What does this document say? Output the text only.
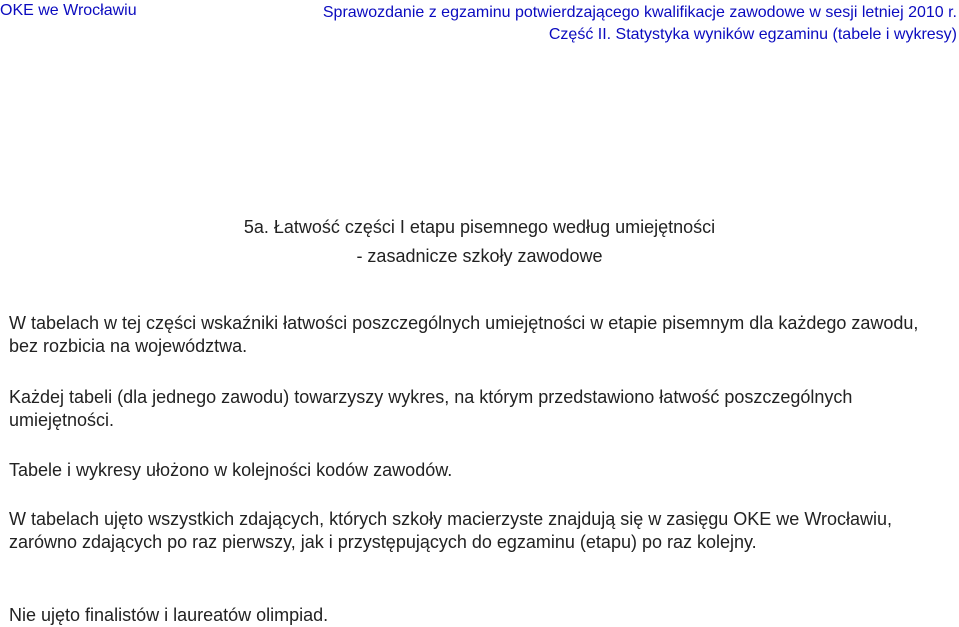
OKE we Wrocławiu	Sprawozdanie z egzaminu potwierdzającego kwalifikacje zawodowe w sesji letniej 2010 r.
Część II. Statystyka wyników egzaminu (tabele i wykresy)
5a. Łatwość części I etapu pisemnego według umiejętności
- zasadnicze szkoły zawodowe

W tabelach w tej części wskaźniki łatwości poszczególnych umiejętności w etapie pisemnym dla każdego zawodu, bez rozbicia na województwa.

Każdej tabeli (dla jednego zawodu) towarzyszy wykres, na którym przedstawiono łatwość poszczególnych umiejętności.

Tabele i wykresy ułożono w kolejności kodów zawodów.

W tabelach ujęto wszystkich zdających, których szkoły macierzyste znajdują się w zasięgu OKE we Wrocławiu, zarówno zdających po raz pierwszy, jak i przystępujących do egzaminu (etapu) po raz kolejny.

Nie ujęto finalistów i laureatów olimpiad.
